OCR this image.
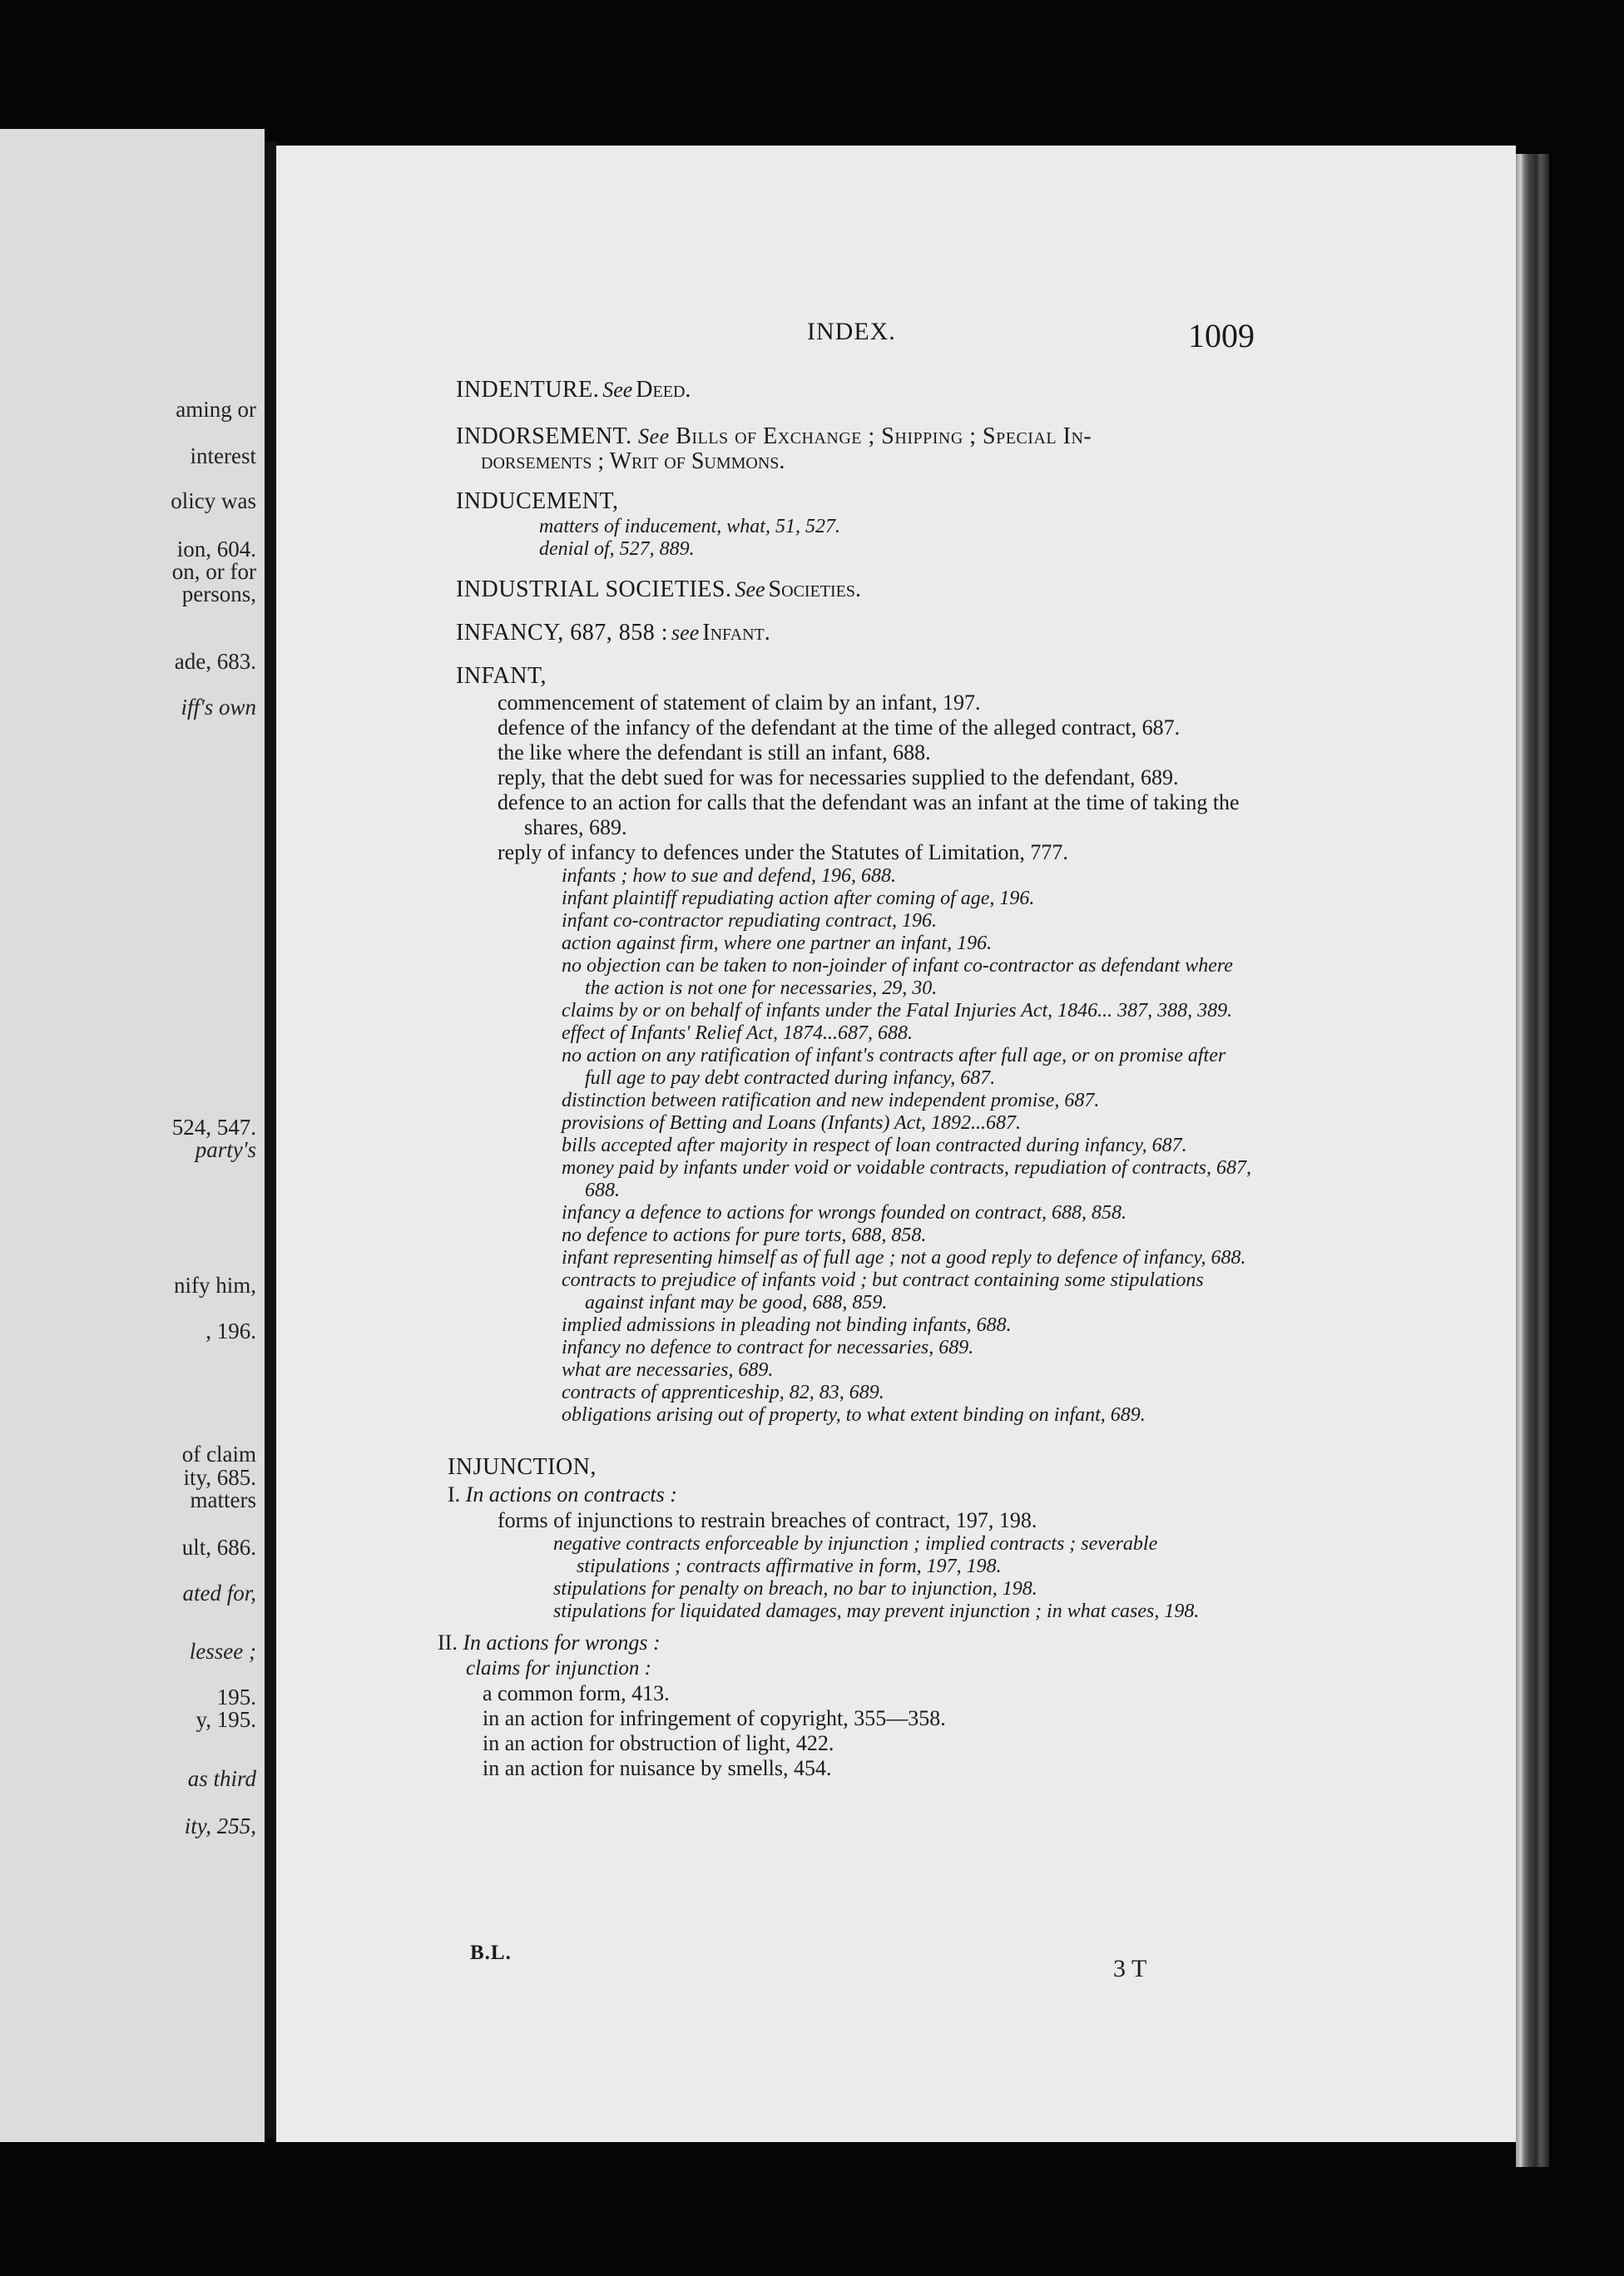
aming or
interest
olicy was
ion, 604.
on, or for
persons,
ade, 683.
iff's own
524, 547.
party's
nify him,
, 196.
of claim
ity, 685.
matters
ult, 686.
ated for,
lessee ;
195.
y, 195.
as third
ity, 255,
INDEX.	1009
INDENTURE. See Deed.
INDORSEMENT. See Bills of Exchange ; Shipping ; Special In-
dorsements ; Writ of Summons.
INDUCEMENT,
matters of inducement, what, 51, 527.
denial of, 527, 889.
INDUSTRIAL SOCIETIES. See Societies.
INFANCY, 687, 858 : see Infant.
INFANT,
commencement of statement of claim by an infant, 197.
defence of the infancy of the defendant at the time of the alleged contract, 687.
the like where the defendant is still an infant, 688.
reply, that the debt sued for was for necessaries supplied to the defendant, 689.
defence to an action for calls that the defendant was an infant at the time of taking the shares, 689.
reply of infancy to defences under the Statutes of Limitation, 777.
infants ; how to sue and defend, 196, 688.
infant plaintiff repudiating action after coming of age, 196.
infant co-contractor repudiating contract, 196.
action against firm, where one partner an infant, 196.
no objection can be taken to non-joinder of infant co-contractor as defendant where the action is not one for necessaries, 29, 30.
claims by or on behalf of infants under the Fatal Injuries Act, 1846... 387, 388, 389.
effect of Infants' Relief Act, 1874...687, 688.
no action on any ratification of infant's contracts after full age, or on promise after full age to pay debt contracted during infancy, 687.
distinction between ratification and new independent promise, 687.
provisions of Betting and Loans (Infants) Act, 1892...687.
bills accepted after majority in respect of loan contracted during infancy, 687.
money paid by infants under void or voidable contracts, repudiation of contracts, 687, 688.
infancy a defence to actions for wrongs founded on contract, 688, 858.
no defence to actions for pure torts, 688, 858.
infant representing himself as of full age ; not a good reply to defence of infancy, 688.
contracts to prejudice of infants void ; but contract containing some stipulations against infant may be good, 688, 859.
implied admissions in pleading not binding infants, 688.
infancy no defence to contract for necessaries, 689.
what are necessaries, 689.
contracts of apprenticeship, 82, 83, 689.
obligations arising out of property, to what extent binding on infant, 689.
INJUNCTION,
I. In actions on contracts :
forms of injunctions to restrain breaches of contract, 197, 198.
negative contracts enforceable by injunction ; implied contracts ; severable stipulations ; contracts affirmative in form, 197, 198.
stipulations for penalty on breach, no bar to injunction, 198.
stipulations for liquidated damages, may prevent injunction ; in what cases, 198.
II. In actions for wrongs :
claims for injunction :
a common form, 413.
in an action for infringement of copyright, 355—358.
in an action for obstruction of light, 422.
in an action for nuisance by smells, 454.
B.L.
3 T
